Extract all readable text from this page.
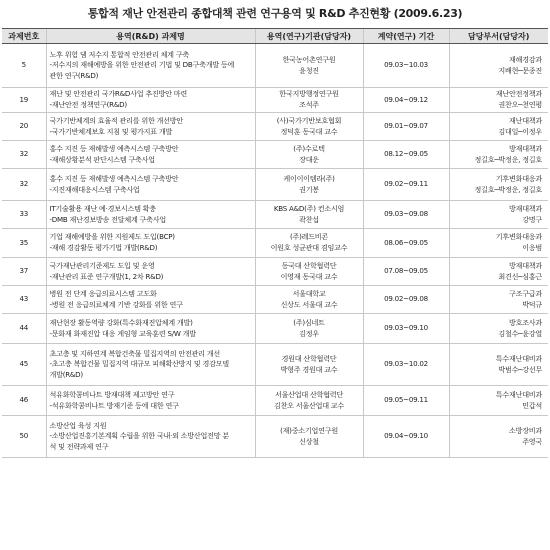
통합적 재난 안전관리 종합대책 관련 연구용역 및 R&D 추진현황 (2009.6.23)
과제번호	용역(R&D) 과제명	용역(연구)기관(담당자)	계약(연구) 기간	담당부서(담당자)
5	노후 위험 댐 저수지 통합적 안전관리 체계 구축
-저수지의 재해예방을 위한 안전관리 기법 및 DB구축개발 등에
관한 연구(R&D)	한국농어촌연구원
윤청진	09.03~10.03	재해경감과
지배현─문종진

19	재난 및 안전관리 국가R&D사업 추진방안 마련
-재난안전 정책연구(R&D)	한국지방행정연구원
조석주	09.04~09.12	재난안전정책과
권찬오─천연평

20	국가기반체계의 효율적 관리를 위한 개선방안
-국가기반체계보호 지침 및 평가지표 개발	(사)국가기반보호협회
정덕훈 동국대 교수	09.01~09.07	재난대책과
김대일─이정우

32	홍수 지진 등 재해발생 예측시스템 구축방안
-재해상황분석 판단시스템 구축사업	(주)수로텍
장대운	08.12~09.05	방재대책과
정길호─박정운, 정길호

32	홍수 지진 등 재해발생 예측시스템 구축방안
-지진재해대응시스템 구축사업	케이이이템라(주)
권기봉	09.02~09.11	기후변화대응과
정길호─박정운, 정길호

33	IT기술활용 재난 예·경보시스템 확충
-DMB 재난경보방송 전달체계 구축사업	KBS A&D(주) 컨소시엄
곽찬섭	09.03~09.08	방재대책과
강명구

35	기업 재해예방을 위한 지원제도 도입(BCP)
-재해 경감활동 평가기법 개발(R&D)	(주)레드비콘
이원호 성균관대 겸임교수	08.06~09.05	기후변화대응과
이응범

37	국가재난관리기준제도 도입 및 운영
-재난관리 표준 연구개발(1, 2차 R&D)	동국대 산학협력단
이영재 동국대 교수	07.08~09.05	방재대책과
최견신─심홍근

43	병원 전 단계 응급의료시스템 고도화
-병원 전 응급의료체계 기반 강화를 위한 연구	서울대학교
신상도 서울대 교수	09.02~09.08	구조구급과
박덕규

44	재난현장 활동역량 강화(특수화재진압체계 개발)
-문화재 화재진압 대응 게임형 교육훈련 S/W 개발	(주)심네트
김정우	09.03~09.10	방호조사과
김철수─윤강열

45	초고층 및 지하연계 복합건축물 밀집지역의 안전관리 개선
-초고층 복합건물 밀집지역 대규모 피해확산방지 및 경감모델
개발(R&D)	경원대 산학협력단
박형주 경원대 교수	09.03~10.02	특수재난대비과
박범수─강선무

46	석유화학콤비나트 방재대책 제고방안 연구
-석유화학콤비나트 방재기준 등에 대한 연구	서울산업대 산학협력단
김찬오 서울산업대 교수	09.05~09.11	특수재난대비과
민갑석

50	소방산업 육성 지원
-소방산업진흥기본계획 수립을 위한 국내·외 소방산업전망 분
석 및 전략과제 연구	(재)중소기업연구원
신상철	09.04~09.10	소방장비과
주영국
